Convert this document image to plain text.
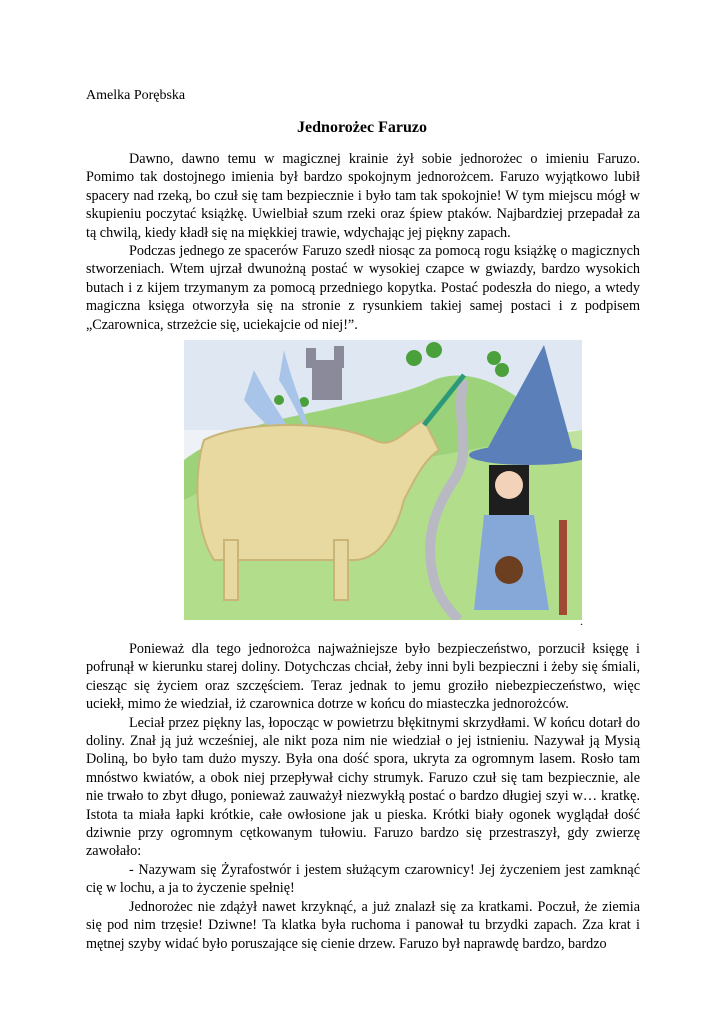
Amelka Porębska
Jednorożec Faruzo

Dawno, dawno temu w magicznej krainie żył sobie jednorożec o imieniu Faruzo. Pomimo tak dostojnego imienia był bardzo spokojnym jednorożcem. Faruzo wyjątkowo lubił spacery nad rzeką, bo czuł się tam bezpiecznie i było tam tak spokojnie! W tym miejscu mógł w skupieniu poczytać książkę. Uwielbiał szum rzeki oraz śpiew ptaków. Najbardziej przepadał za tą chwilą, kiedy kładł się na miękkiej trawie, wdychając jej piękny zapach.

Podczas jednego ze spacerów Faruzo szedł niosąc za pomocą rogu książkę o magicznych stworzeniach. Wtem ujrzał dwunożną postać w wysokiej czapce w gwiazdy, bardzo wysokich butach i z kijem trzymanym za pomocą przedniego kopytka. Postać podeszła do niego, a wtedy magiczna księga otworzyła się na stronie z rysunkiem takiej samej postaci i z podpisem „Czarownica, strzeżcie się, uciekajcie od niej!”.

.

Ponieważ dla tego jednorożca najważniejsze było bezpieczeństwo, porzucił księgę i pofrunął w kierunku starej doliny. Dotychczas chciał, żeby inni byli bezpieczni i żeby się śmiali, ciesząc się życiem oraz szczęściem. Teraz jednak to jemu groziło niebezpieczeństwo, więc uciekł, mimo że wiedział, iż czarownica dotrze w końcu do miasteczka jednorożców.

Leciał przez piękny las, łopocząc w powietrzu błękitnymi skrzydłami. W końcu dotarł do doliny. Znał ją już wcześniej, ale nikt poza nim nie wiedział o jej istnieniu. Nazywał ją Mysią Doliną, bo było tam dużo myszy. Była ona dość spora, ukryta za ogromnym lasem. Rosło tam mnóstwo kwiatów, a obok niej przepływał cichy strumyk. Faruzo czuł się tam bezpiecznie, ale nie trwało to zbyt długo, ponieważ zauważył niezwykłą postać o bardzo długiej szyi w… kratkę. Istota ta miała łapki krótkie, całe owłosione jak u pieska. Krótki biały ogonek wyglądał dość dziwnie przy ogromnym cętkowanym tułowiu. Faruzo bardzo się przestraszył, gdy zwierzę zawołało:

- Nazywam się Żyrafostwór i jestem służącym czarownicy! Jej życzeniem jest zamknąć cię w lochu, a ja to życzenie spełnię!

Jednorożec nie zdążył nawet krzyknąć, a już znalazł się za kratkami. Poczuł, że ziemia się pod nim trzęsie! Dziwne! Ta klatka była ruchoma i panował tu brzydki zapach. Zza krat i mętnej szyby widać było poruszające się cienie drzew. Faruzo był naprawdę bardzo, bardzo
